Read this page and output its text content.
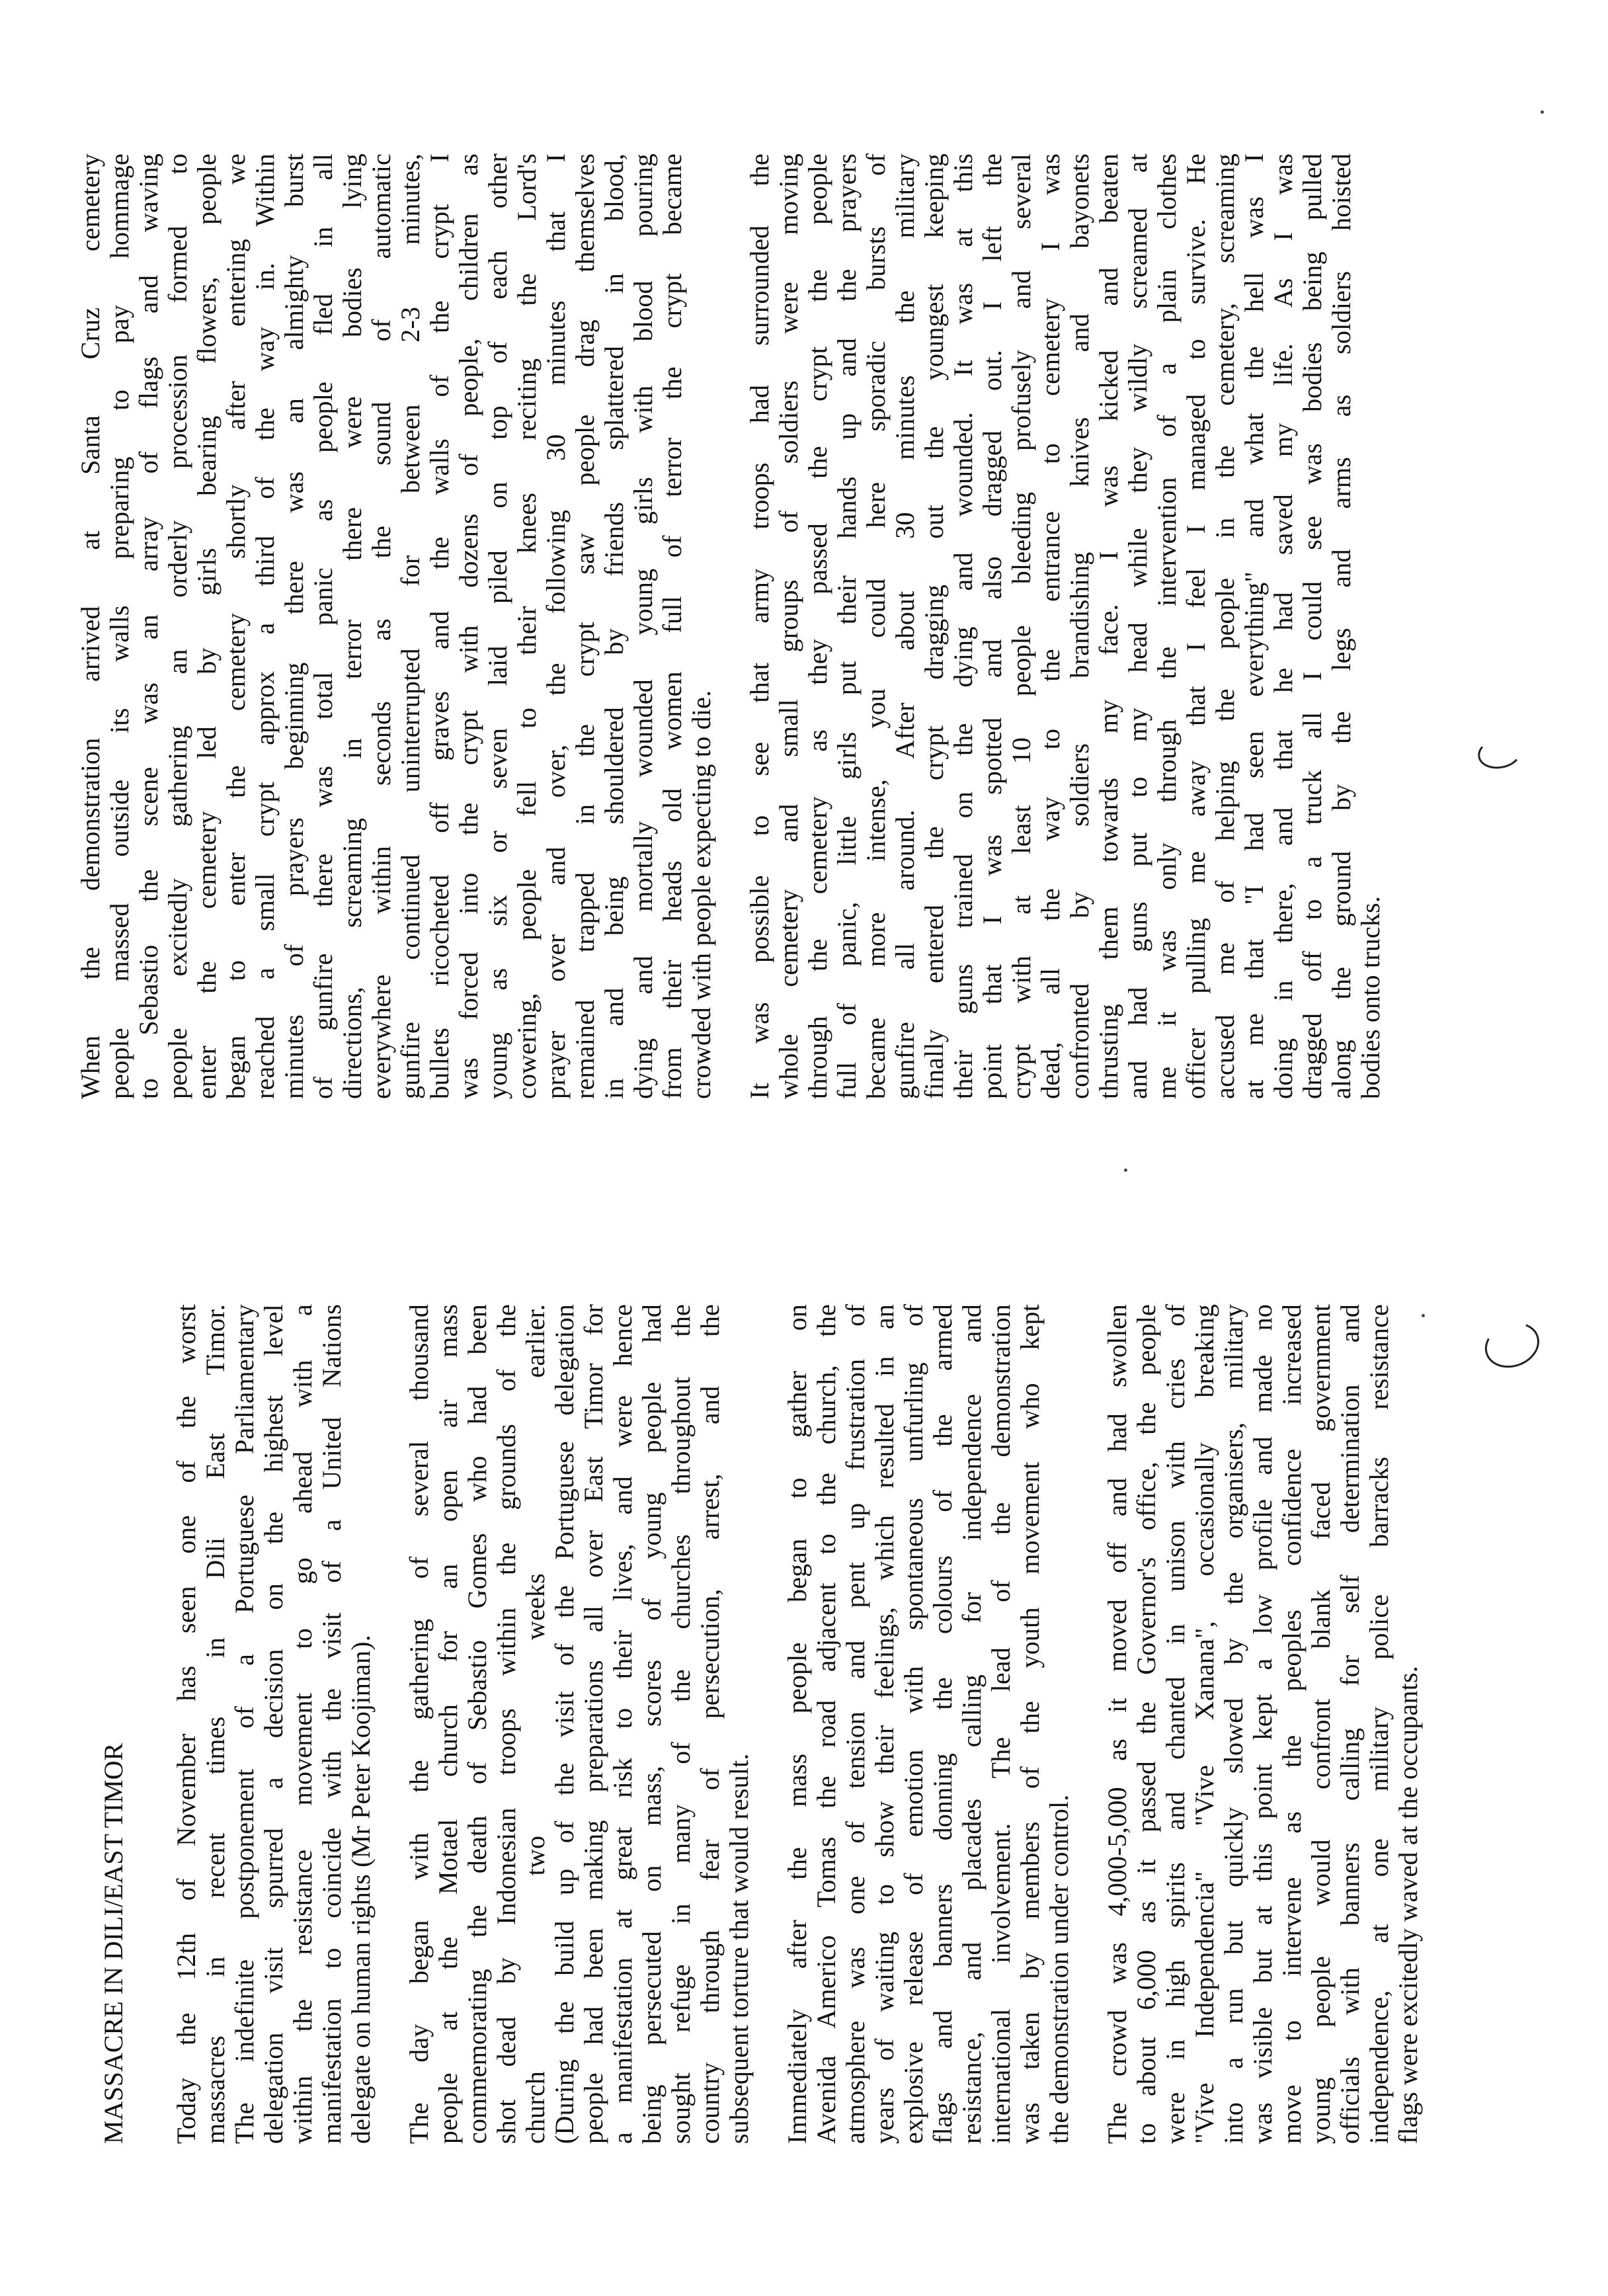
MASSACRE IN DILI/EAST TIMOR Today the 12th of November has seen one of the worst massacres in recent times in Dili East Timor. The indefinite postponement of a Portuguese Parliamentary delegation visit spurred a decision on the highest level within the resistance movement to go ahead with a manifestation to coincide with the visit of a United Nations delegate on human rights (Mr Peter Koojiman). The day began with the gathering of several thousand people at the Motael church for an open air mass commemorating the death of Sebastio Gomes who had been shot dead by Indonesian troops within the grounds of the church two weeks earlier. (During the build up of the visit of the Portuguese delegation people had been making preparations all over East Timor for a manifestation at great risk to their lives, and were hence being persecuted on mass, scores of young people had sought refuge in many of the churches throughout the country through fear of persecution, arrest, and the subsequent torture that would result. Immediately after the mass people began to gather on Avenida Americo Tomas the road adjacent to the church, the atmosphere was one of tension and pent up frustration of years of waiting to show their feelings, which resulted in an explosive release of emotion with spontaneous unfurling of flags and banners donning the colours of the armed resistance, and placades calling for independence and international involvement. The lead of the demonstration was taken by members of the youth movement who kept the demonstration under control. The crowd was 4,000-5,000 as it moved off and had swollen to about 6,000 as it passed the Governor's office, the people were in high spirits and chanted in unison with cries of "Vive Independencia" "Vive Xanana", occasionally breaking into a run but quickly slowed by the organisers, military was visible but at this point kept a low profile and made no move to intervene as the peoples confidence increased young people would confront blank faced government officials with banners calling for self determination and independence, at one military police barracks resistance flags were excitedly waved at the occupants.
When the demonstration arrived at Santa Cruz cemetery people massed outside its walls preparing to pay hommage to Sebastio the scene was an array of flags and waving people excitedly gathering an orderly procession formed to enter the cemetery led by girls bearing flowers, people began to enter the cemetery shortly after entering we reached a small crypt approx a third of the way in. Within minutes of prayers beginning there was an almighty burst of gunfire there was total panic as people fled in all directions, screaming in terror there were bodies lying everywhere within seconds as the sound of automatic gunfire continued uninterrupted for between 2-3 minutes, bullets ricocheted off graves and the walls of the crypt I was forced into the crypt with dozens of people, children as young as six or seven laid piled on top of each other cowering, people fell to their knees reciting the Lord's prayer over and over, the following 30 minutes that I remained trapped in the crypt saw people drag themselves in and being shouldered by friends splattered in blood, dying and mortally wounded young girls with blood pouring from their heads old women full of terror the crypt became crowded with people expecting to die. It was possible to see that army troops had surrounded the whole cemetery and small groups of soldiers were moving through the cemetery as they passed the crypt the people full of panic, little girls put their hands up and the prayers became more intense, you could here sporadic bursts of gunfire all around. After about 30 minutes the military finally entered the crypt dragging out the youngest keeping their guns trained on the dying and wounded. It was at this point that I was spotted and also dragged out. I left the crypt with at least 10 people bleeding profusely and several dead, all the way to the entrance to cemetery I was confronted by soldiers brandishing knives and bayonets thrusting them towards my face. I was kicked and beaten and had guns put to my head while they wildly screamed at me it was only through the intervention of a plain clothes officer pulling me away that I feel I managed to survive. He accused me of helping the people in the cemetery, screaming at me that "I had seen everything" and what the hell was I doing in there, and that he had saved my life. As I was dragged off to a truck all I could see was bodies being pulled along the ground by the legs and arms as soldiers hoisted bodies onto trucks.
